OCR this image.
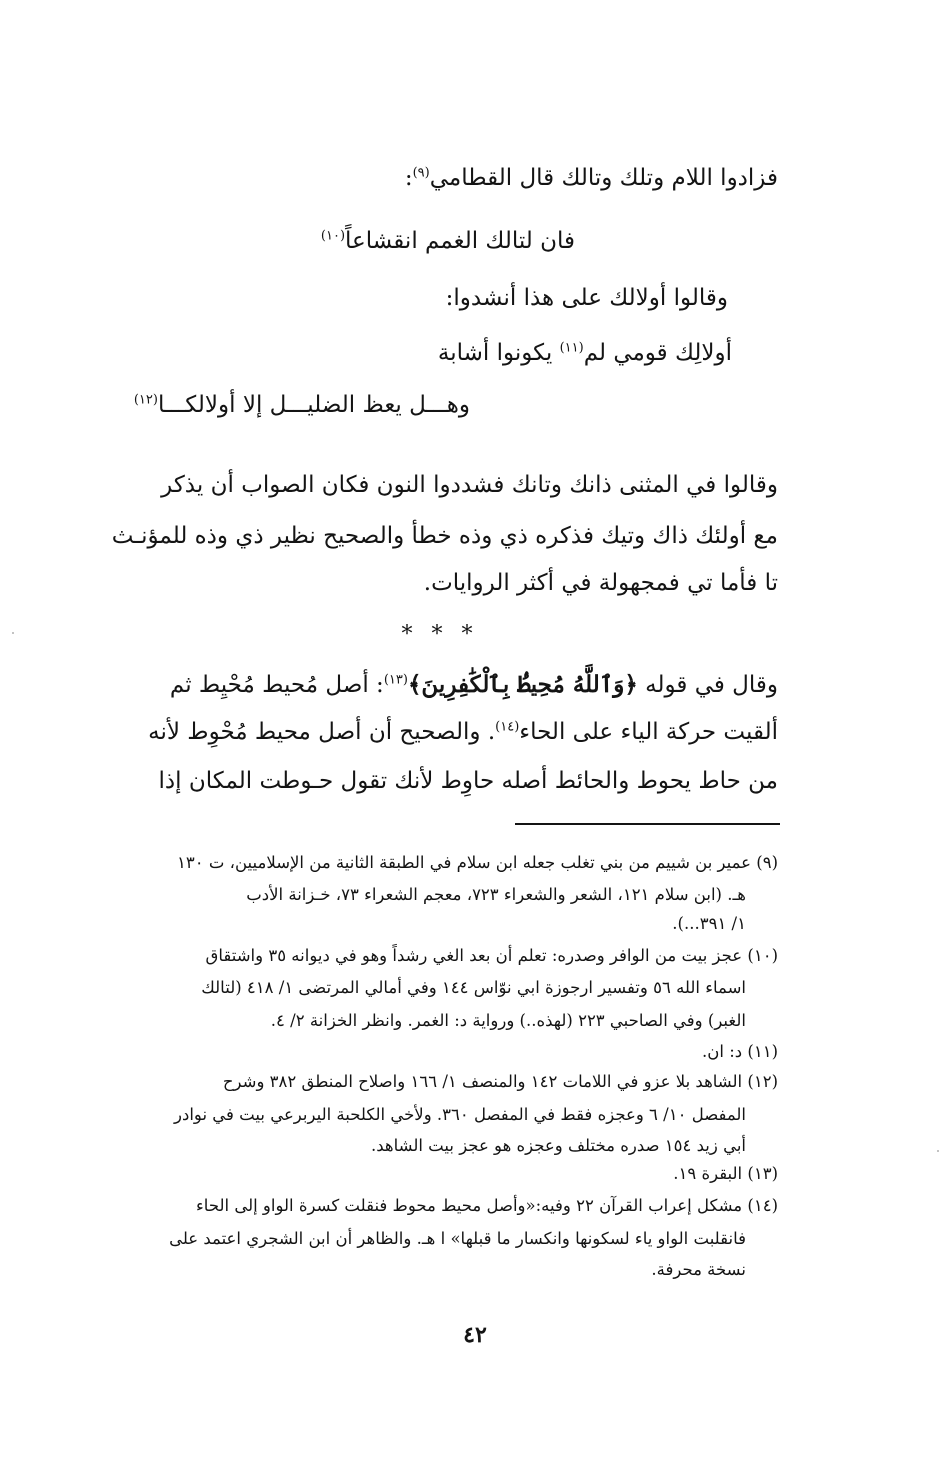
فزادوا اللام وتلك وتالك قال القطامي$^{(٩)}$:
فان لتالك الغمم انقشاعاً$^{(١٠)}$
وقالوا أولالك على هذا أنشدوا:
أولالِك قومي لم$^{(١١)}$ يكونوا أشابة
وهـــل يعظ الضليـــل إلا أولالكـــا$^{(١٢)}$
وقالوا في المثنى ذانك وتانك فشددوا النون فكان الصواب أن يذكر
مع أولئك ذاك وتيك فذكره ذي وذه خطأ والصحيح نظير ذي وذه للمؤنـث
تا فأما تي فمجهولة في أكثر الروايات.
* * *
وقال في قوله ﴿وَٱللَّهُ مُحِيطُۢ بِٱلْكَٰفِرِينَ﴾$^{(١٣)}$: أصل مُحيط مُحْيِط ثم
ألقيت حركة الياء على الحاء$^{(١٤)}$. والصحيح أن أصل محيط مُحْوِط لأنه
من حاط يحوط والحائط أصله حاوِط لأنك تقول حـوطت المكان إذا
(٩) عمير بن شييم من بني تغلب جعله ابن سلام في الطبقة الثانية من الإسلاميين، ت ١٣٠
هـ. (ابن سلام ١٢١، الشعر والشعراء ٧٢٣، معجم الشعراء ٧٣، خـزانة الأدب
١/ ٣٩١...).
(١٠) عجز بيت من الوافر وصدره: تعلم أن بعد الغي رشداً وهو في ديوانه ٣٥ واشتقاق
اسماء الله ٥٦ وتفسير ارجوزة ابي نوّاس ١٤٤ وفي أمالي المرتضى ١/ ٤١٨ (لتالك
الغبر) وفي الصاحبي ٢٢٣ (لهذه..) ورواية د: الغمر. وانظر الخزانة ٢/ ٤.
(١١) د: ان.
(١٢) الشاهد بلا عزو في اللامات ١٤٢ والمنصف ١/ ١٦٦ واصلاح المنطق ٣٨٢ وشرح
المفصل ١٠/ ٦ وعجزه فقط في المفصل ٣٦٠. ولأخي الكلحبة اليربرعي بيت في نوادر
أبي زيد ١٥٤ صدره مختلف وعجزه هو عجز بيت الشاهد.
(١٣) البقرة ١٩.
(١٤) مشكل إعراب القرآن ٢٢ وفيه:«وأصل محيط محوط فنقلت كسرة الواو إلى الحاء
فانقلبت الواو ياء لسكونها وانكسار ما قبلها» ا هـ. والظاهر أن ابن الشجري اعتمد على
نسخة محرفة.
٤٢
